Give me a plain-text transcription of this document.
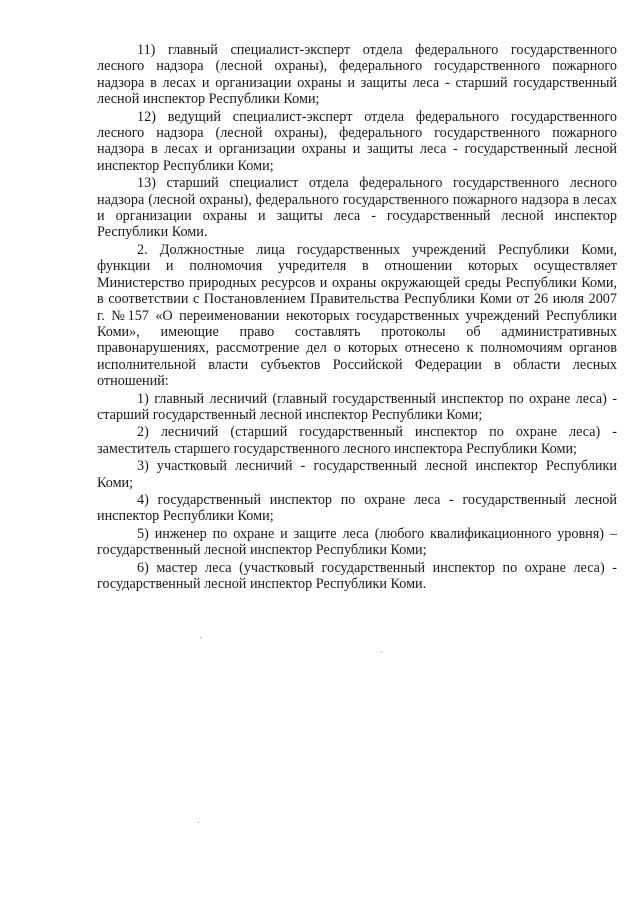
11) главный специалист-эксперт отдела федерального государственного лесного надзора (лесной охраны), федерального государственного пожарного надзора в лесах и организации охраны и защиты леса - старший государственный лесной инспектор Республики Коми;

12) ведущий специалист-эксперт отдела федерального государственного лесного надзора (лесной охраны), федерального государственного пожарного надзора в лесах и организации охраны и защиты леса - государственный лесной инспектор Республики Коми;

13) старший специалист отдела федерального государственного лесного надзора (лесной охраны), федерального государственного пожарного надзора в лесах и организации охраны и защиты леса - государственный лесной инспектор Республики Коми.

2. Должностные лица государственных учреждений Республики Коми, функции и полномочия учредителя в отношении которых осуществляет Министерство природных ресурсов и охраны окружающей среды Республики Коми, в соответствии с Постановлением Правительства Республики Коми от 26 июля 2007 г. №157 «О переименовании некоторых государственных учреждений Республики Коми», имеющие право составлять протоколы об административных правонарушениях, рассмотрение дел о которых отнесено к полномочиям органов исполнительной власти субъектов Российской Федерации в области лесных отношений:

1) главный лесничий (главный государственный инспектор по охране леса) - старший государственный лесной инспектор Республики Коми;

2) лесничий (старший государственный инспектор по охране леса) - заместитель старшего государственного лесного инспектора Республики Коми;

3) участковый лесничий - государственный лесной инспектор Республики Коми;

4) государственный инспектор по охране леса - государственный лесной инспектор Республики Коми;

5) инженер по охране и защите леса (любого квалификационного уровня) – государственный лесной инспектор Республики Коми;

6) мастер леса (участковый государственный инспектор по охране леса) - государственный лесной инспектор Республики Коми.
